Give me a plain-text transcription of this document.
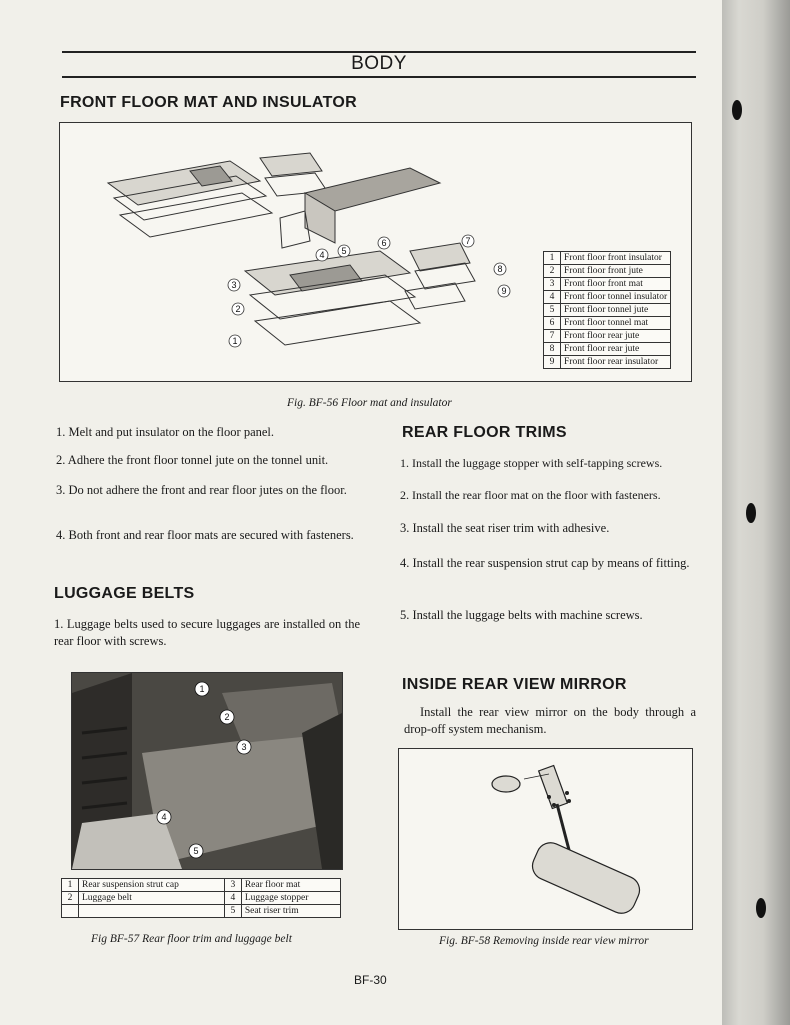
BODY
FRONT FLOOR MAT AND INSULATOR
1
2
3
4 5
6	7
8
9
1	Front floor front insulator
2	Front floor front jute
3	Front floor front mat
4	Front floor tonnel insulator
5	Front floor tonnel jute
6	Front floor tonnel mat
7	Front floor rear jute
8	Front floor rear jute
9	Front floor rear insulator

Fig. BF-56 Floor mat and insulator

1. Melt and put insulator on the floor panel.

2. Adhere the front floor tonnel jute on the tonnel unit.

3. Do not adhere the front and rear floor jutes on the floor.

4. Both front and rear floor mats are secured with fasteners.

LUGGAGE BELTS

1. Luggage belts used to secure luggages are installed on the rear floor with screws.

1
2
3
4
5
1	Rear suspension strut cap	3	Rear floor mat
2	Luggage belt	4	Luggage stopper
		5	Seat riser trim

Fig BF-57 Rear floor trim and luggage belt

REAR FLOOR TRIMS

1. Install the luggage stopper with self-tapping screws.

2. Install the rear floor mat on the floor with fasteners.

3. Install the seat riser trim with adhesive.

4. Install the rear suspension strut cap by means of fitting.

5. Install the luggage belts with machine screws.

INSIDE REAR VIEW MIRROR

Install the rear view mirror on the body through a drop-off system mechanism.

Fig. BF-58 Removing inside rear view mirror

BF-30
